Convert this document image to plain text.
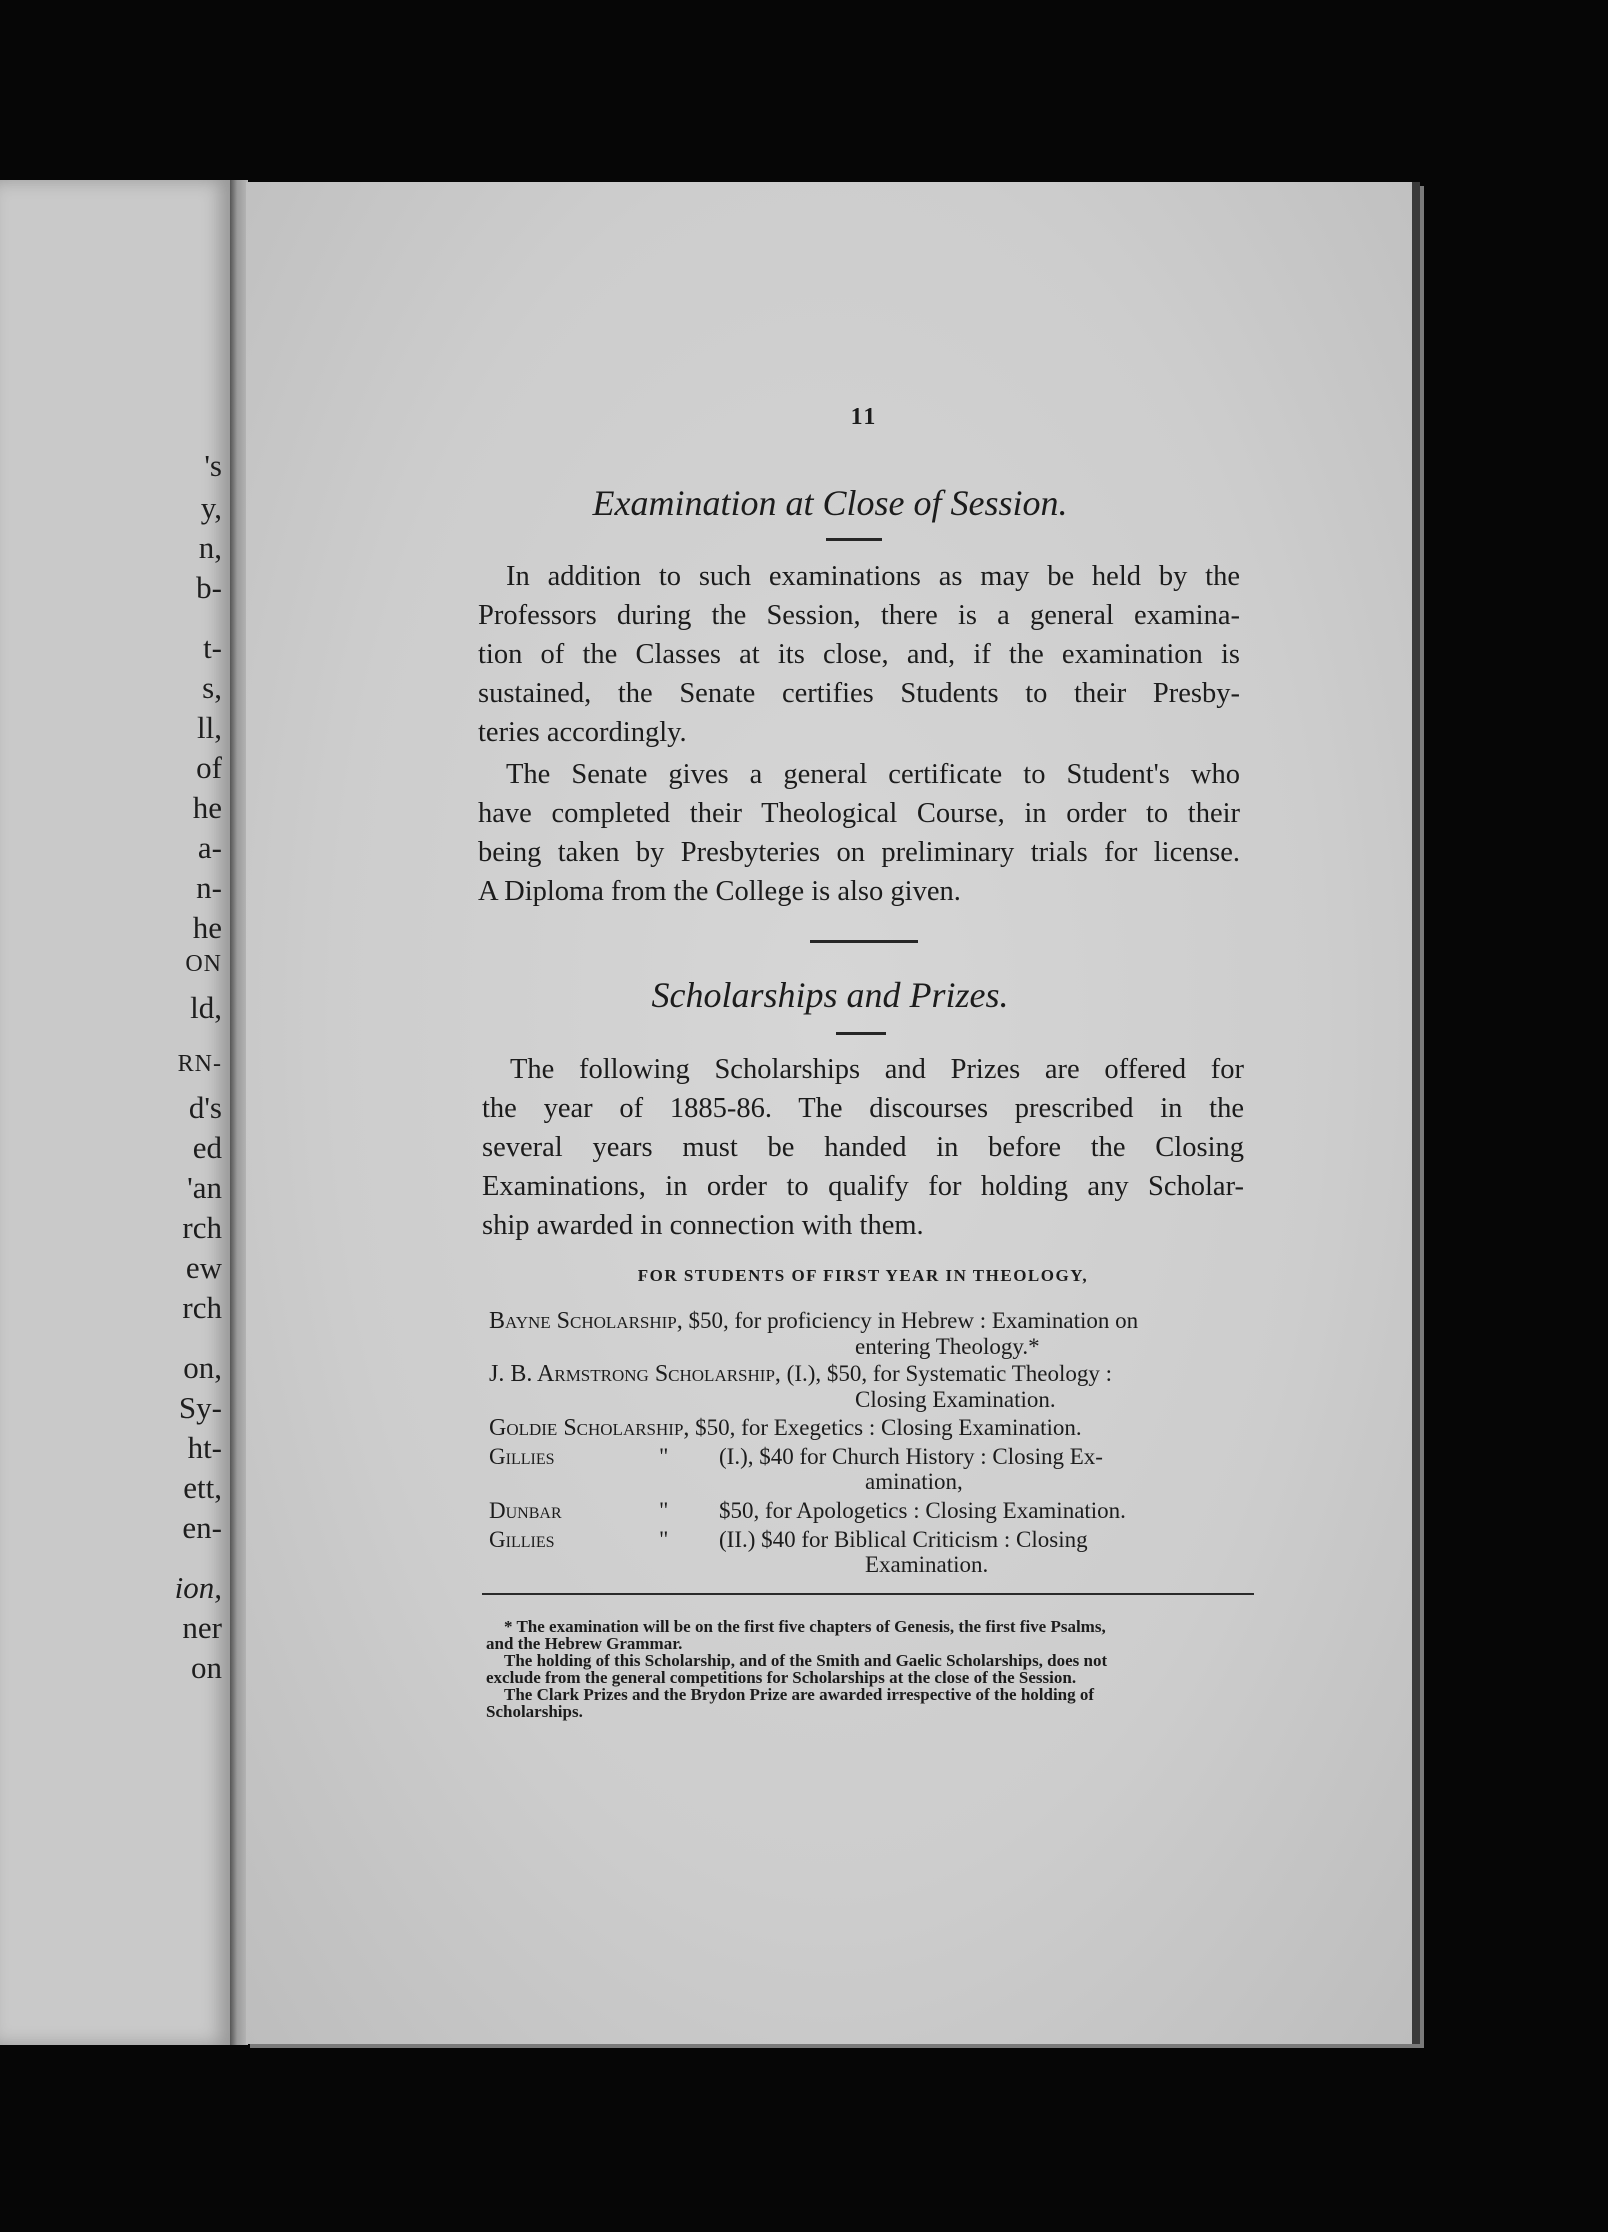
's
y,
n,
b-
t-
s,
ll,
of
he
a-
n-
he
ON
ld,
RN-
d's
ed
'an
rch
ew
rch
on,
Sy-
ht-
ett,
en-
ion,
ner
on
11
Examination at Close of Session.
In addition to such examinations as may be held by the
Professors during the Session, there is a general examina-
tion of the Classes at its close, and, if the examination is
sustained, the Senate certifies Students to their Presby-
teries accordingly.
The Senate gives a general certificate to Student's who
have completed their Theological Course, in order to their
being taken by Presbyteries on preliminary trials for license.
A Diploma from the College is also given.
Scholarships and Prizes.
The following Scholarships and Prizes are offered for
the year of 1885-86. The discourses prescribed in the
several years must be handed in before the Closing
Examinations, in order to qualify for holding any Scholar-
ship awarded in connection with them.
FOR STUDENTS OF FIRST YEAR IN THEOLOGY,
Bayne Scholarship, $50, for proficiency in Hebrew : Examination on
entering Theology.*
J. B. Armstrong Scholarship, (I.), $50, for Systematic Theology :
Closing Examination.
Goldie Scholarship, $50, for Exegetics : Closing Examination.
Gillies	"	(I.), $40 for Church History : Closing Ex-
amination,
Dunbar	"	$50, for Apologetics : Closing Examination.
Gillies	"	(II.) $40 for Biblical Criticism : Closing
Examination.
* The examination will be on the first five chapters of Genesis, the first five Psalms,
and the Hebrew Grammar.
The holding of this Scholarship, and of the Smith and Gaelic Scholarships, does not
exclude from the general competitions for Scholarships at the close of the Session.
The Clark Prizes and the Brydon Prize are awarded irrespective of the holding of
Scholarships.
